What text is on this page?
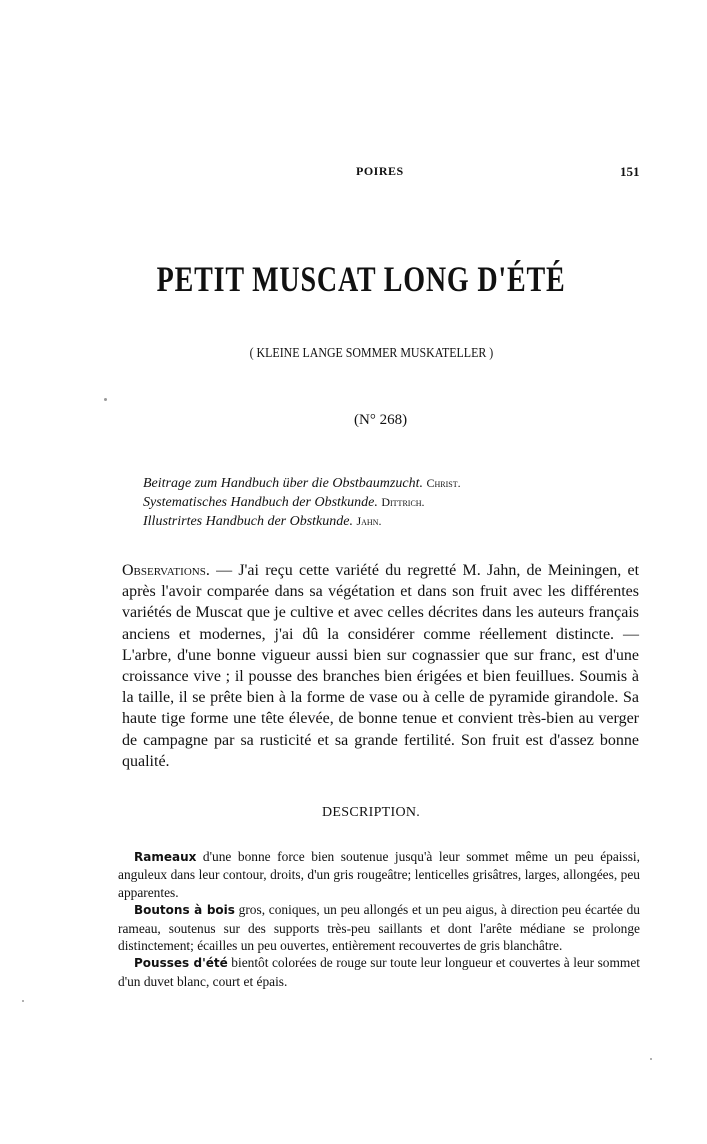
POIRES	151
PETIT MUSCAT LONG D'ÉTÉ
( KLEINE LANGE SOMMER MUSKATELLER )
(N° 268)
Beitrage zum Handbuch über die Obstbaumzucht. Christ.
Systematisches Handbuch der Obstkunde. Dittrich.
Illustrirtes Handbuch der Obstkunde. Jahn.
Observations. — J'ai reçu cette variété du regretté M. Jahn, de Meiningen, et après l'avoir comparée dans sa végétation et dans son fruit avec les différentes variétés de Muscat que je cultive et avec celles décrites dans les auteurs français anciens et modernes, j'ai dû la considérer comme réellement distincte. — L'arbre, d'une bonne vigueur aussi bien sur cognassier que sur franc, est d'une croissance vive ; il pousse des branches bien érigées et bien feuillues. Soumis à la taille, il se prête bien à la forme de vase ou à celle de pyramide girandole. Sa haute tige forme une tête élevée, de bonne tenue et convient très-bien au verger de campagne par sa rusticité et sa grande fertilité. Son fruit est d'assez bonne qualité.
DESCRIPTION.

Rameaux d'une bonne force bien soutenue jusqu'à leur sommet même un peu épaissi, anguleux dans leur contour, droits, d'un gris rougeâtre; lenticelles grisâtres, larges, allongées, peu apparentes.

Boutons à bois gros, coniques, un peu allongés et un peu aigus, à direction peu écartée du rameau, soutenus sur des supports très-peu saillants et dont l'arête médiane se prolonge distinctement; écailles un peu ouvertes, entièrement recouvertes de gris blanchâtre.

Pousses d'été bientôt colorées de rouge sur toute leur longueur et couvertes à leur sommet d'un duvet blanc, court et épais.
